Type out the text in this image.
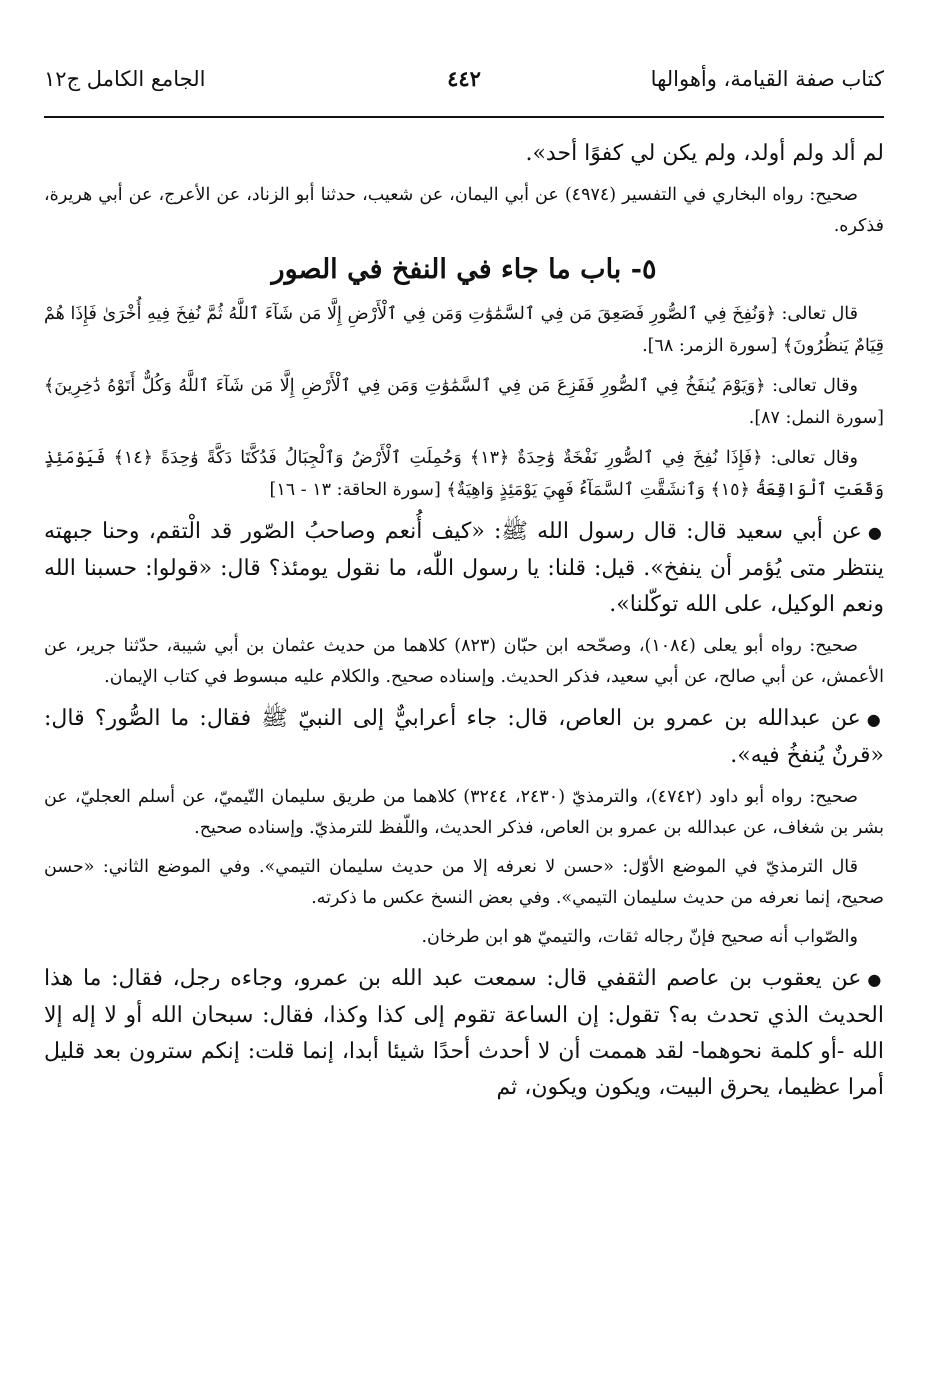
كتاب صفة القيامة، وأهوالها
٤٤٢
الجامع الكامل ج١٢

لم ألد ولم أولد، ولم يكن لي كفوًا أحد».

صحيح: رواه البخاري في التفسير (٤٩٧٤) عن أبي اليمان، عن شعيب، حدثنا أبو الزناد، عن الأعرج، عن أبي هريرة، فذكره.

٥- باب ما جاء في النفخ في الصور

قال تعالى: ﴿وَنُفِخَ فِي ٱلصُّورِ فَصَعِقَ مَن فِي ٱلسَّمَٰوَٰتِ وَمَن فِي ٱلْأَرْضِ إِلَّا مَن شَآءَ ٱللَّهُ ثُمَّ نُفِخَ فِيهِ أُخْرَىٰ فَإِذَا هُمْ قِيَامٌ يَنظُرُونَ﴾ [سورة الزمر: ٦٨].

وقال تعالى: ﴿وَيَوْمَ يُنفَخُ فِي ٱلصُّورِ فَفَزِعَ مَن فِي ٱلسَّمَٰوَٰتِ وَمَن فِي ٱلْأَرْضِ إِلَّا مَن شَآءَ ٱللَّهُ وَكُلٌّ أَتَوْهُ دَٰخِرِينَ﴾ [سورة النمل: ٨٧].

وقال تعالى: ﴿فَإِذَا نُفِخَ فِي ٱلصُّورِ نَفْخَةٌ وَٰحِدَةٌ ﴿١٣﴾ وَحُمِلَتِ ٱلْأَرْضُ وَٱلْجِبَالُ فَدُكَّتَا دَكَّةً وَٰحِدَةً ﴿١٤﴾ فَيَوْمَئِذٍ وَقَعَتِ ٱلْوَاقِعَةُ ﴿١٥﴾ وَٱنشَقَّتِ ٱلسَّمَآءُ فَهِيَ يَوْمَئِذٍ وَاهِيَةٌ﴾ [سورة الحاقة: ١٣ - ١٦]

●عن أبي سعيد قال: قال رسول الله ﷺ: «كيف أُنعم وصاحبُ الصّور قد الْتقم، وحنا جبهته ينتظر متى يُؤمر أن ينفخ». قيل: قلنا: يا رسول اللّٰه، ما نقول يومئذ؟ قال: «قولوا: حسبنا الله ونعم الوكيل، على الله توكّلنا».

صحيح: رواه أبو يعلى (١٠٨٤)، وصحّحه ابن حبّان (٨٢٣) كلاهما من حديث عثمان بن أبي شيبة، حدّثنا جرير، عن الأعمش، عن أبي صالح، عن أبي سعيد، فذكر الحديث. وإسناده صحيح. والكلام عليه مبسوط في كتاب الإيمان.

●عن عبدالله بن عمرو بن العاص، قال: جاء أعرابيٌّ إلى النبيّ ﷺ فقال: ما الصُّور؟ قال: «قرنٌ يُنفخُ فيه».

صحيح: رواه أبو داود (٤٧٤٢)، والترمذيّ (٢٤٣٠، ٣٢٤٤) كلاهما من طريق سليمان التّيميّ، عن أسلم العجليّ، عن بشر بن شغاف، عن عبدالله بن عمرو بن العاص، فذكر الحديث، واللّفظ للترمذيّ. وإسناده صحيح.

قال الترمذيّ في الموضع الأوّل: «حسن لا نعرفه إلا من حديث سليمان التيمي». وفي الموضع الثاني: «حسن صحيح، إنما نعرفه من حديث سليمان التيمي». وفي بعض النسخ عكس ما ذكرته.

والصّواب أنه صحيح فإنّ رجاله ثقات، والتيميّ هو ابن طرخان.

●عن يعقوب بن عاصم الثقفي قال: سمعت عبد الله بن عمرو، وجاءه رجل، فقال: ما هذا الحديث الذي تحدث به؟ تقول: إن الساعة تقوم إلى كذا وكذا، فقال: سبحان الله أو لا إله إلا الله -أو كلمة نحوهما- لقد هممت أن لا أحدث أحدًا شيئا أبدا، إنما قلت: إنكم سترون بعد قليل أمرا عظيما، يحرق البيت، ويكون ويكون، ثم
